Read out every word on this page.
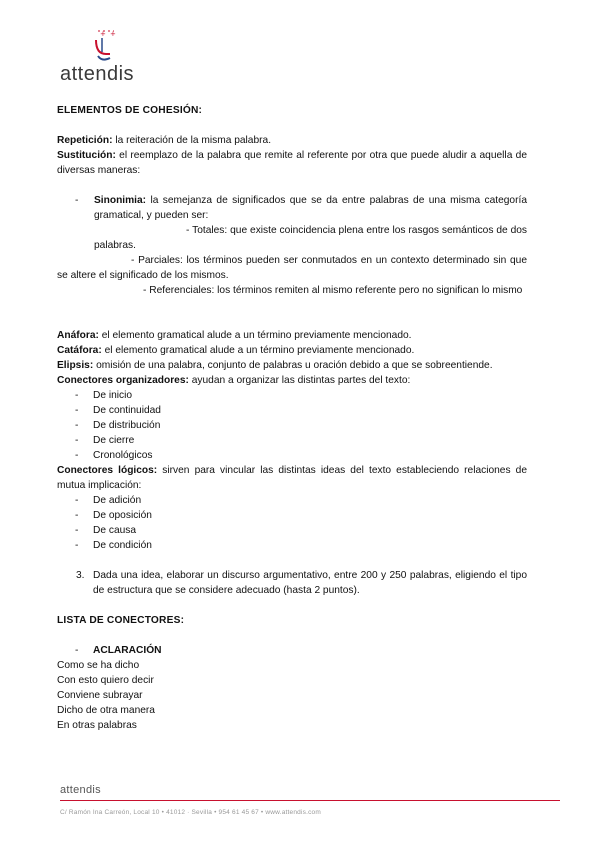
+ +
attendis

ELEMENTOS DE COHESIÓN:

Repetición: la reiteración de la misma palabra.

Sustitución: el reemplazo de la palabra que remite al referente por otra que puede aludir a aquella de diversas maneras:

- Sinonimia: la semejanza de significados que se da entre palabras de una misma categoría gramatical, y pueden ser:

- Totales: que existe coincidencia plena entre los rasgos semánticos de dos palabras.

- Parciales: los términos pueden ser conmutados en un contexto determinado sin que se altere el significado de los mismos.

- Referenciales: los términos remiten al mismo referente pero no significan lo mismo

Anáfora: el elemento gramatical alude a un término previamente mencionado.

Catáfora: el elemento gramatical alude a un término previamente mencionado.

Elipsis: omisión de una palabra, conjunto de palabras u oración debido a que se sobreentiende.

Conectores organizadores: ayudan a organizar las distintas partes del texto:

- De inicio
- De continuidad
- De distribución
- De cierre
- Cronológicos

Conectores lógicos: sirven para vincular las distintas ideas del texto estableciendo relaciones de mutua implicación:

- De adición
- De oposición
- De causa
- De condición

3. Dada una idea, elaborar un discurso argumentativo, entre 200 y 250 palabras, eligiendo el tipo de estructura que se considere adecuado (hasta 2 puntos).

LISTA DE CONECTORES:

- ACLARACIÓN

Como se ha dicho

Con esto quiero decir

Conviene subrayar

Dicho de otra manera

En otras palabras

attendis
C/ Ramón Ina Carreón, Local 10 • 41012 · Sevilla • 954 61 45 67 • www.attendis.com
